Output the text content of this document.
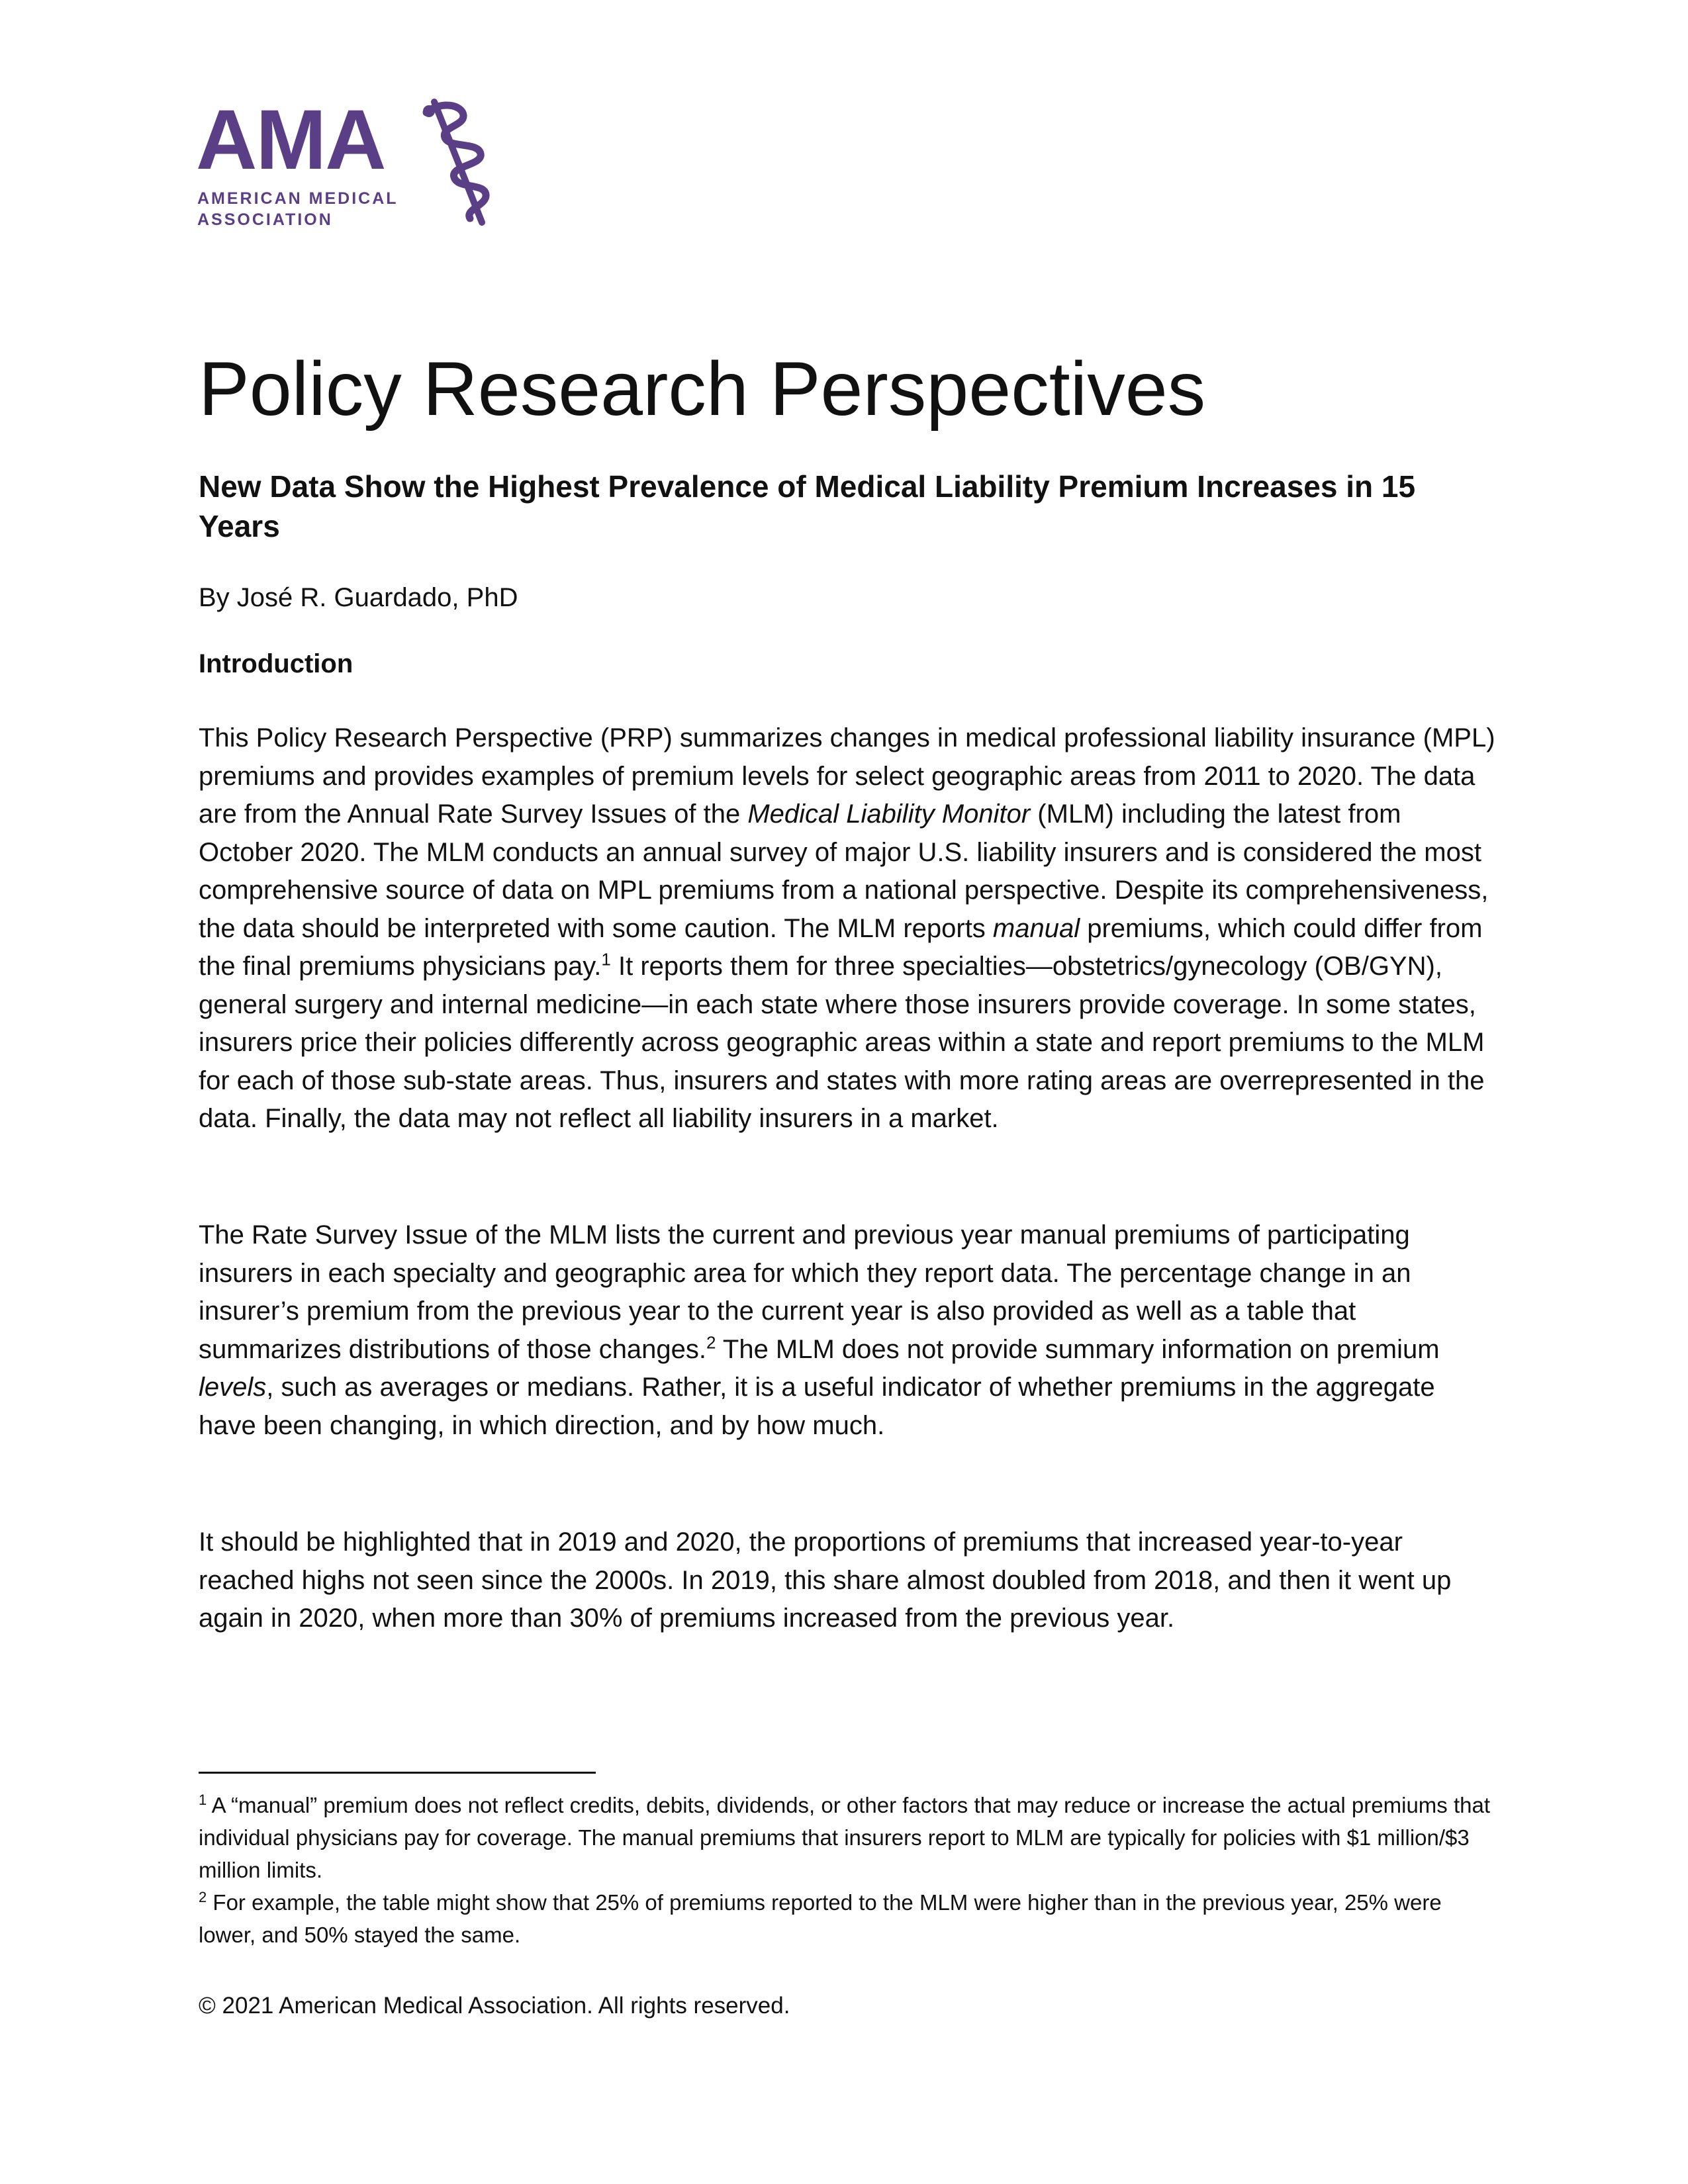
AMA
AMERICAN MEDICAL
ASSOCIATION
Policy Research Perspectives
New Data Show the Highest Prevalence of Medical Liability Premium Increases in 15 Years

By José R. Guardado, PhD

Introduction

This Policy Research Perspective (PRP) summarizes changes in medical professional liability insurance (MPL) premiums and provides examples of premium levels for select geographic areas from 2011 to 2020. The data are from the Annual Rate Survey Issues of the Medical Liability Monitor (MLM) including the latest from October 2020. The MLM conducts an annual survey of major U.S. liability insurers and is considered the most comprehensive source of data on MPL premiums from a national perspective. Despite its comprehensiveness, the data should be interpreted with some caution. The MLM reports manual premiums, which could differ from the final premiums physicians pay.$^1$ It reports them for three specialties—obstetrics/gynecology (OB/GYN), general surgery and internal medicine—in each state where those insurers provide coverage. In some states, insurers price their policies differently across geographic areas within a state and report premiums to the MLM for each of those sub-state areas. Thus, insurers and states with more rating areas are overrepresented in the data. Finally, the data may not reflect all liability insurers in a market.

The Rate Survey Issue of the MLM lists the current and previous year manual premiums of participating insurers in each specialty and geographic area for which they report data. The percentage change in an insurer’s premium from the previous year to the current year is also provided as well as a table that summarizes distributions of those changes.$^2$ The MLM does not provide summary information on premium levels, such as averages or medians. Rather, it is a useful indicator of whether premiums in the aggregate have been changing, in which direction, and by how much.

It should be highlighted that in 2019 and 2020, the proportions of premiums that increased year-to-year reached highs not seen since the 2000s. In 2019, this share almost doubled from 2018, and then it went up again in 2020, when more than 30% of premiums increased from the previous year.

$^1$ A “manual” premium does not reflect credits, debits, dividends, or other factors that may reduce or increase the actual premiums that individual physicians pay for coverage. The manual premiums that insurers report to MLM are typically for policies with $1 million/$3 million limits.

$^2$ For example, the table might show that 25% of premiums reported to the MLM were higher than in the previous year, 25% were lower, and 50% stayed the same.

© 2021 American Medical Association. All rights reserved.
